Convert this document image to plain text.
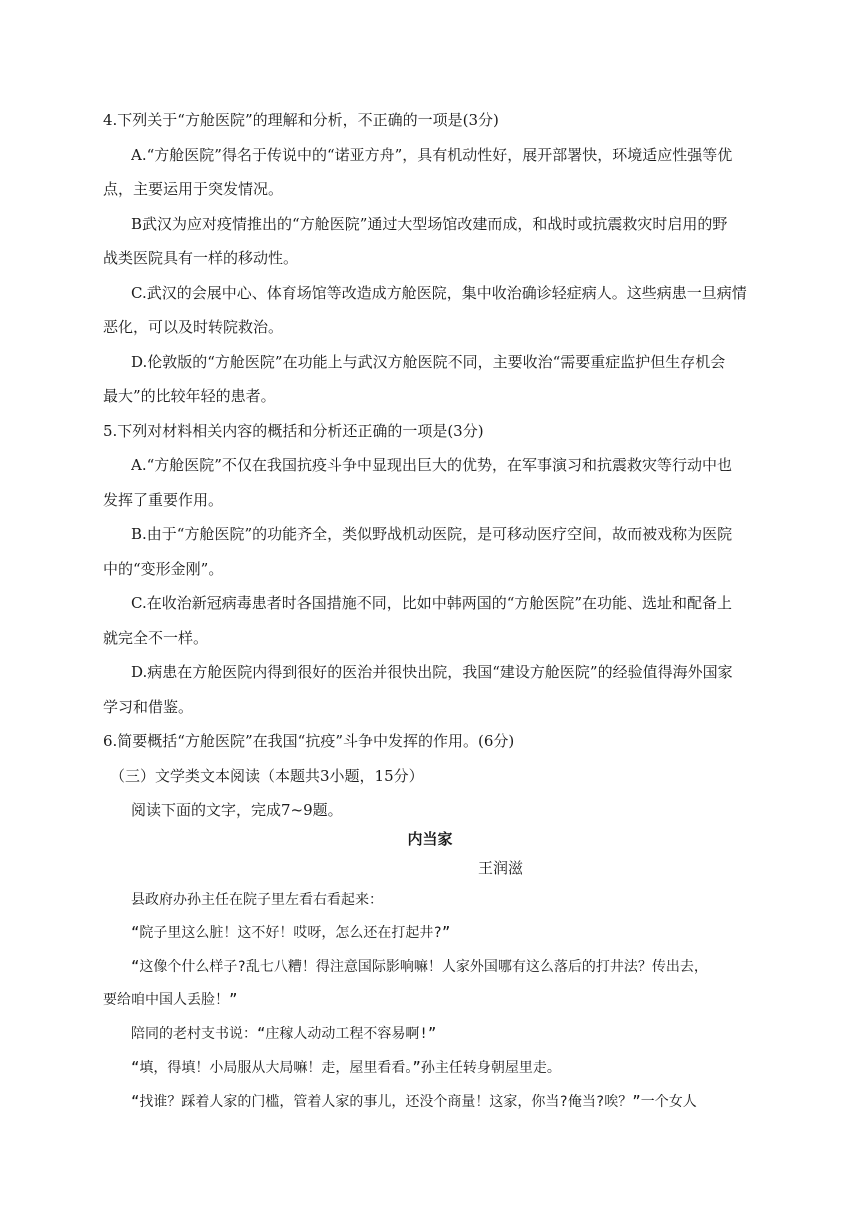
4.下列关于“方舱医院”的理解和分析，不正确的一项是(3分)
A.“方舱医院”得名于传说中的“诺亚方舟”，具有机动性好，展开部署快，环境适应性强等优
点，主要运用于突发情况。
B武汉为应对疫情推出的“方舱医院”通过大型场馆改建而成，和战时或抗震救灾时启用的野
战类医院具有一样的移动性。
C.武汉的会展中心、体育场馆等改造成方舱医院，集中收治确诊轻症病人。这些病患一旦病情
恶化，可以及时转院救治。
D.伦敦版的“方舱医院”在功能上与武汉方舱医院不同，主要收治“需要重症监护但生存机会
最大”的比较年轻的患者。
5.下列对材料相关内容的概括和分析还正确的一项是(3分)
A.“方舱医院”不仅在我国抗疫斗争中显现出巨大的优势，在军事演习和抗震救灾等行动中也
发挥了重要作用。
B.由于“方舱医院”的功能齐全，类似野战机动医院，是可移动医疗空间，故而被戏称为医院
中的“变形金刚”。
C.在收治新冠病毒患者时各国措施不同，比如中韩两国的“方舱医院”在功能、选址和配备上
就完全不一样。
D.病患在方舱医院内得到很好的医治并很快出院，我国“建设方舱医院”的经验值得海外国家
学习和借鉴。
6.简要概括“方舱医院”在我国“抗疫”斗争中发挥的作用。(6分)
（三）文学类文本阅读（本题共3小题，15分）
阅读下面的文字，完成7~9题。
内当家
王润滋
县政府办孙主任在院子里左看右看起来：
“院子里这么脏！这不好！哎呀，怎么还在打起井?”
“这像个什么样子?乱七八糟！得注意国际影响嘛！人家外国哪有这么落后的打井法？传出去，
要给咱中国人丢脸！”
陪同的老村支书说：“庄稼人动动工程不容易啊!”
“填，得填！小局服从大局嘛！走，屋里看看。”孙主任转身朝屋里走。
“找谁？踩着人家的门槛，管着人家的事儿，还没个商量！这家，你当?俺当?唉？”一个女人
